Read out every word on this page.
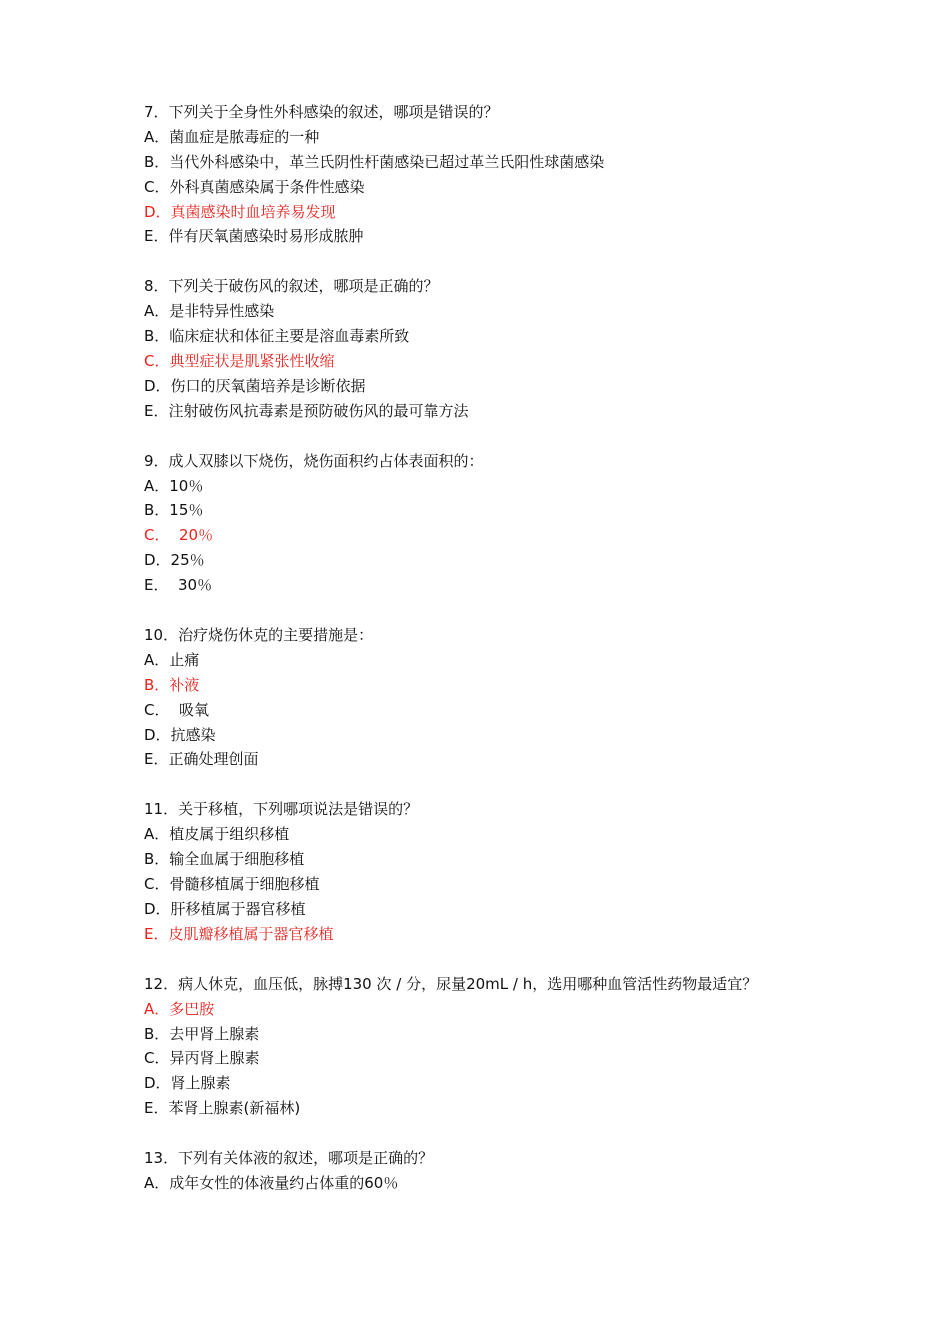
7．下列关于全身性外科感染的叙述，哪项是错误的？
A．菌血症是脓毒症的一种
B．当代外科感染中，革兰氏阴性杆菌感染已超过革兰氏阳性球菌感染
C．外科真菌感染属于条件性感染
D．真菌感染时血培养易发现
E．伴有厌氧菌感染时易形成脓肿
8．下列关于破伤风的叙述，哪项是正确的？
A．是非特异性感染
B．临床症状和体征主要是溶血毒素所致
C．典型症状是肌紧张性收缩
D．伤口的厌氧菌培养是诊断依据
E．注射破伤风抗毒素是预防破伤风的最可靠方法
9．成人双膝以下烧伤，烧伤面积约占体表面积的：
A．10％
B．15％
C．  20％
D．25％
E．  30％
10．治疗烧伤休克的主要措施是：
A．止痛
B．补液
C．  吸氧
D．抗感染
E．正确处理创面
11．关于移植，下列哪项说法是错误的？
A．植皮属于组织移植
B．输全血属于细胞移植
C．骨髓移植属于细胞移植
D．肝移植属于器官移植
E．皮肌瓣移植属于器官移植
12．病人休克，血压低，脉搏130 次 / 分，尿量20mL / h，选用哪种血管活性药物最适宜？
A．多巴胺
B．去甲肾上腺素
C．异丙肾上腺素
D．肾上腺素
E．苯肾上腺素(新福林)
13．下列有关体液的叙述，哪项是正确的？
A．成年女性的体液量约占体重的60％
